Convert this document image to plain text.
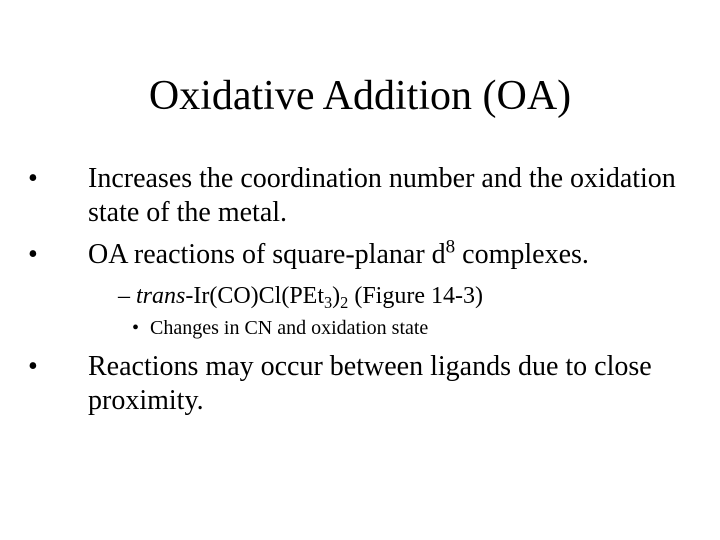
Oxidative Addition (OA)
• Increases the coordination number and the oxidation state of the metal.
• OA reactions of square-planar $d^8$ complexes.
– trans-$Ir(CO)Cl(PEt_3)_2$ (Figure 14-3)
• Changes in CN and oxidation state
• Reactions may occur between ligands due to close proximity.
